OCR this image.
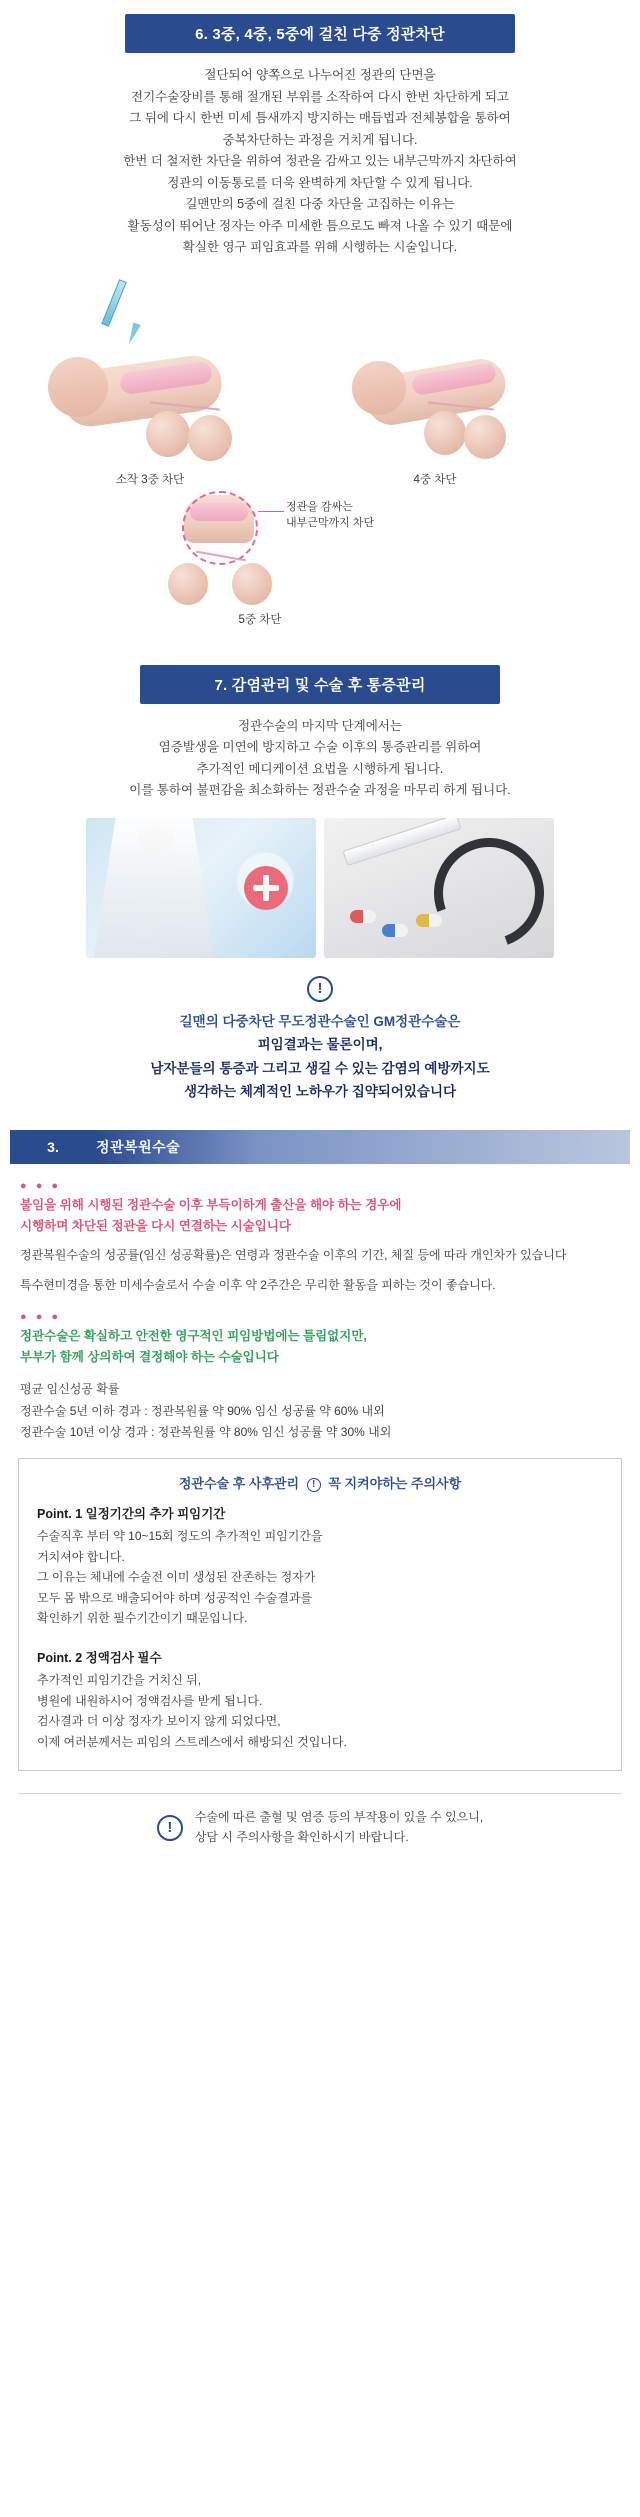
6. 3중, 4중, 5중에 걸친 다중 정관차단

절단되어 양쪽으로 나누어진 정관의 단면을

전기수술장비를 통해 절개된 부위를 소작하여 다시 한번 차단하게 되고

그 뒤에 다시 한번 미세 틈새까지 방지하는 매듭법과 전체봉합을 통하여

중복차단하는 과정을 거치게 됩니다.

한번 더 철저한 차단을 위하여 정관을 감싸고 있는 내부근막까지 차단하여

정관의 이동통로를 더욱 완벽하게 차단할 수 있게 됩니다.

길맨만의 5중에 걸친 다중 차단을 고집하는 이유는

활동성이 뛰어난 정자는 아주 미세한 틈으로도 빠져 나올 수 있기 때문에

확실한 영구 피임효과를 위해 시행하는 시술입니다.

소작 3중 차단	4중 차단
정관을 감싸는
내부근막까지 차단
5중 차단
7. 감염관리 및 수술 후 통증관리

정관수술의 마지막 단계에서는

염증발생을 미연에 방지하고 수술 이후의 통증관리를 위하여

추가적인 메디케이션 요법을 시행하게 됩니다.

이를 통하여 불편감을 최소화하는 정관수술 과정을 마무리 하게 됩니다.

!
길맨의 다중차단 무도정관수술인 GM정관수술은
피임결과는 물론이며,
남자분들의 통증과 그리고 생길 수 있는 감염의 예방까지도
생각하는 체계적인 노하우가 집약되어있습니다
3.	정관복원수술
● ● ●
불임을 위해 시행된 정관수술 이후 부득이하게 출산을 해야 하는 경우에
시행하며 차단된 정관을 다시 연결하는 시술입니다
정관복원수술의 성공률(임신 성공확률)은 연령과 정관수술 이후의 기간, 체질 등에 따라 개인차가 있습니다
특수현미경을 통한 미세수술로서 수술 이후 약 2주간은 무리한 활동을 피하는 것이 좋습니다.
● ● ●
정관수술은 확실하고 안전한 영구적인 피임방법에는 틀림없지만,
부부가 함께 상의하여 결정해야 하는 수술입니다
평균 임신성공 확률
정관수술 5년 이하 경과 : 정관복원률 약 90% 임신 성공률 약 60% 내외
정관수술 10년 이상 경과 : 정관복원률 약 80% 임신 성공률 약 30% 내외
정관수술 후 사후관리 ! 꼭 지켜야하는 주의사항
Point. 1 일정기간의 추가 피임기간
수술직후 부터 약 10~15회 정도의 추가적인 피임기간을
거치셔야 합니다.
그 이유는 체내에 수술전 이미 생성된 잔존하는 정자가
모두 몸 밖으로 배출되어야 하며 성공적인 수술결과를
확인하기 위한 필수기간이기 때문입니다.
Point. 2 정액검사 필수
추가적인 피임기간을 거치신 뒤,
병원에 내원하시어 정액검사를 받게 됩니다.
검사결과 더 이상 정자가 보이지 않게 되었다면,
이제 여러분께서는 피임의 스트레스에서 해방되신 것입니다.
!
수술에 따른 출혈 및 염증 등의 부작용이 있을 수 있으니,
상담 시 주의사항을 확인하시기 바랍니다.
